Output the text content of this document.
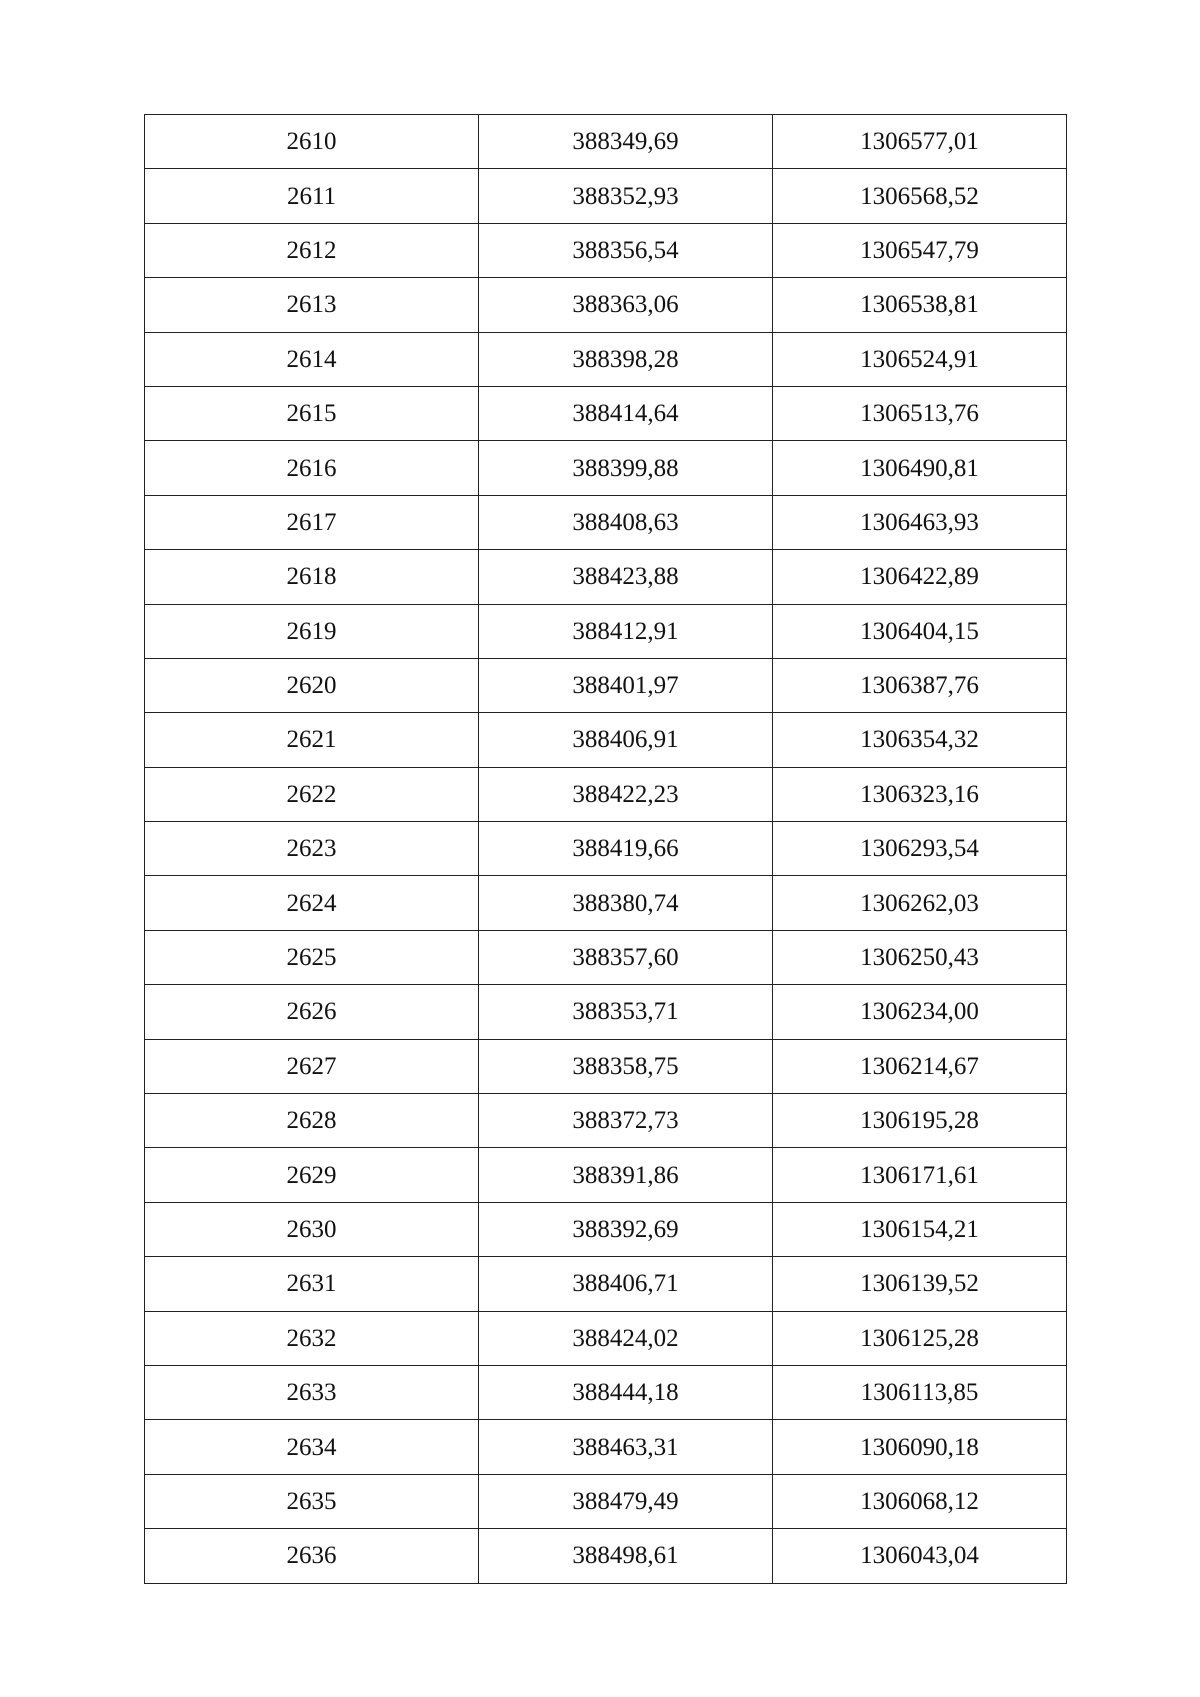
2610	388349,69	1306577,01
2611	388352,93	1306568,52
2612	388356,54	1306547,79
2613	388363,06	1306538,81
2614	388398,28	1306524,91
2615	388414,64	1306513,76
2616	388399,88	1306490,81
2617	388408,63	1306463,93
2618	388423,88	1306422,89
2619	388412,91	1306404,15
2620	388401,97	1306387,76
2621	388406,91	1306354,32
2622	388422,23	1306323,16
2623	388419,66	1306293,54
2624	388380,74	1306262,03
2625	388357,60	1306250,43
2626	388353,71	1306234,00
2627	388358,75	1306214,67
2628	388372,73	1306195,28
2629	388391,86	1306171,61
2630	388392,69	1306154,21
2631	388406,71	1306139,52
2632	388424,02	1306125,28
2633	388444,18	1306113,85
2634	388463,31	1306090,18
2635	388479,49	1306068,12
2636	388498,61	1306043,04
